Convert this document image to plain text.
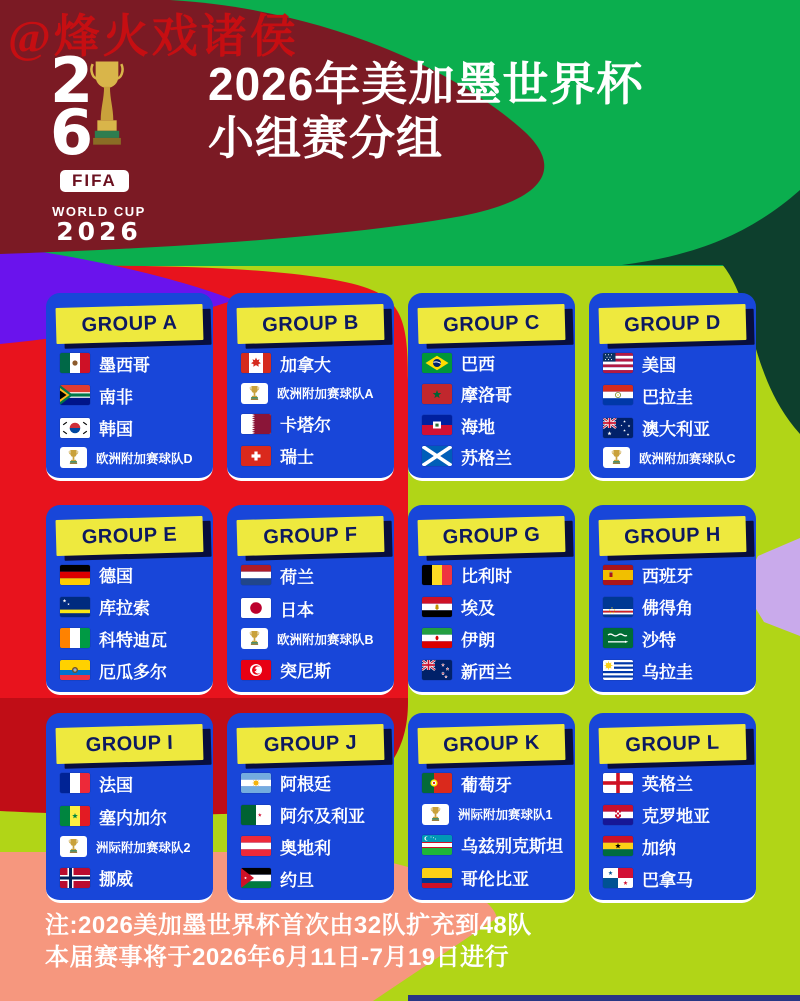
@烽火戏诸侯
2
6
FIFA
WORLD CUP
2026
2026年美加墨世界杯
小组赛分组
GROUP A
墨西哥
南非
韩国
欧洲附加赛球队D
GROUP B
加拿大
欧洲附加赛球队A
卡塔尔
瑞士
GROUP C
巴西
摩洛哥
海地
苏格兰
GROUP D
美国
巴拉圭
澳大利亚
欧洲附加赛球队C
GROUP E
德国
库拉索
科特迪瓦
厄瓜多尔
GROUP F
荷兰
日本
欧洲附加赛球队B
突尼斯
GROUP G
比利时
埃及
伊朗
新西兰
GROUP H
西班牙
佛得角
沙特
乌拉圭
GROUP I
法国
塞内加尔
洲际附加赛球队2
挪威
GROUP J
阿根廷
阿尔及利亚
奥地利
约旦
GROUP K
葡萄牙
洲际附加赛球队1
乌兹别克斯坦
哥伦比亚
GROUP L
英格兰
克罗地亚
加纳
巴拿马
注:2026美加墨世界杯首次由32队扩充到48队
本届赛事将于2026年6月11日-7月19日进行
